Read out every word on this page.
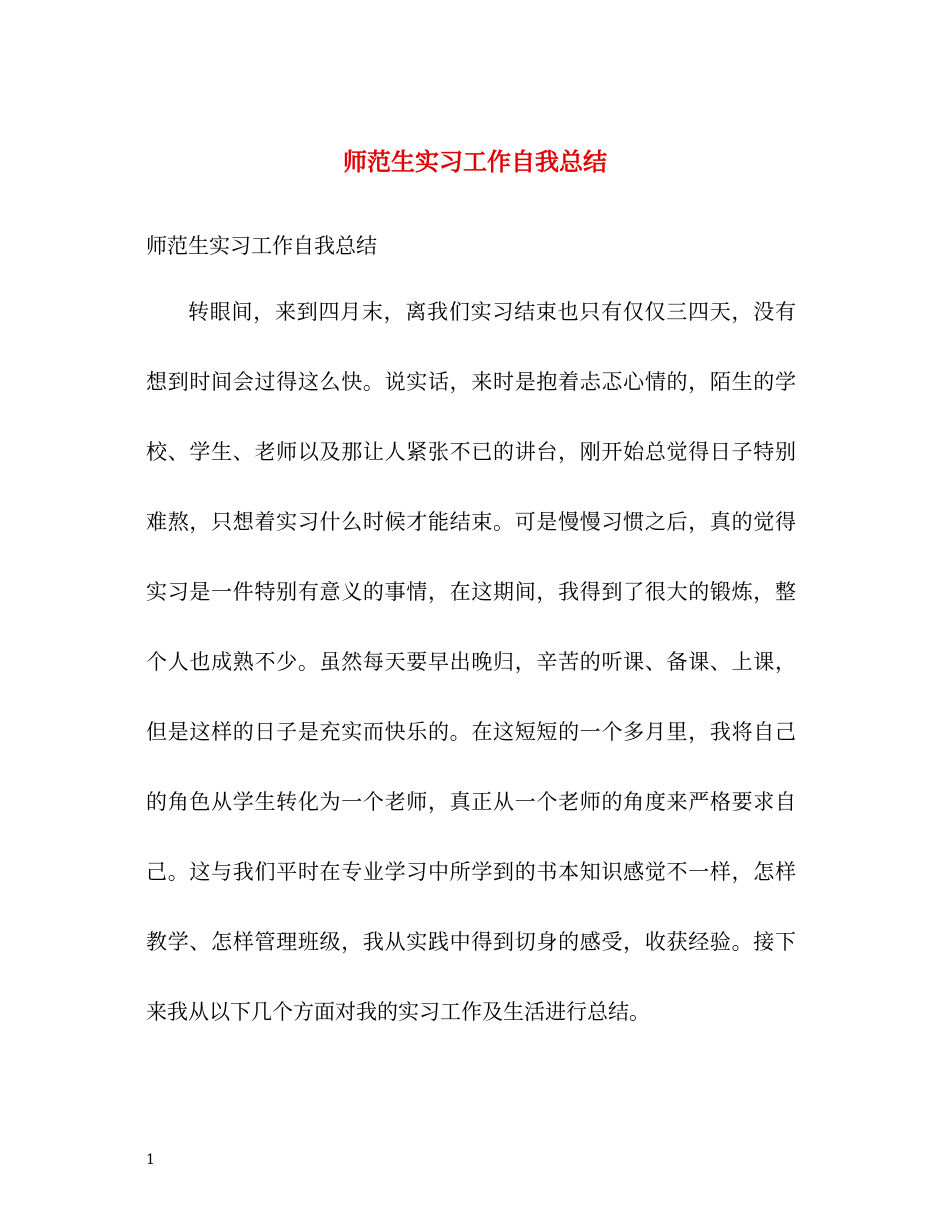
师范生实习工作自我总结

师范生实习工作自我总结

转眼间，来到四月末，离我们实习结束也只有仅仅三四天，没有

想到时间会过得这么快。说实话，来时是抱着忐忑心情的，陌生的学

校、学生、老师以及那让人紧张不已的讲台，刚开始总觉得日子特别

难熬，只想着实习什么时候才能结束。可是慢慢习惯之后，真的觉得

实习是一件特别有意义的事情，在这期间，我得到了很大的锻炼，整

个人也成熟不少。虽然每天要早出晚归，辛苦的听课、备课、上课，

但是这样的日子是充实而快乐的。在这短短的一个多月里，我将自己

的角色从学生转化为一个老师，真正从一个老师的角度来严格要求自

己。这与我们平时在专业学习中所学到的书本知识感觉不一样，怎样

教学、怎样管理班级，我从实践中得到切身的感受，收获经验。接下

来我从以下几个方面对我的实习工作及生活进行总结。

1
